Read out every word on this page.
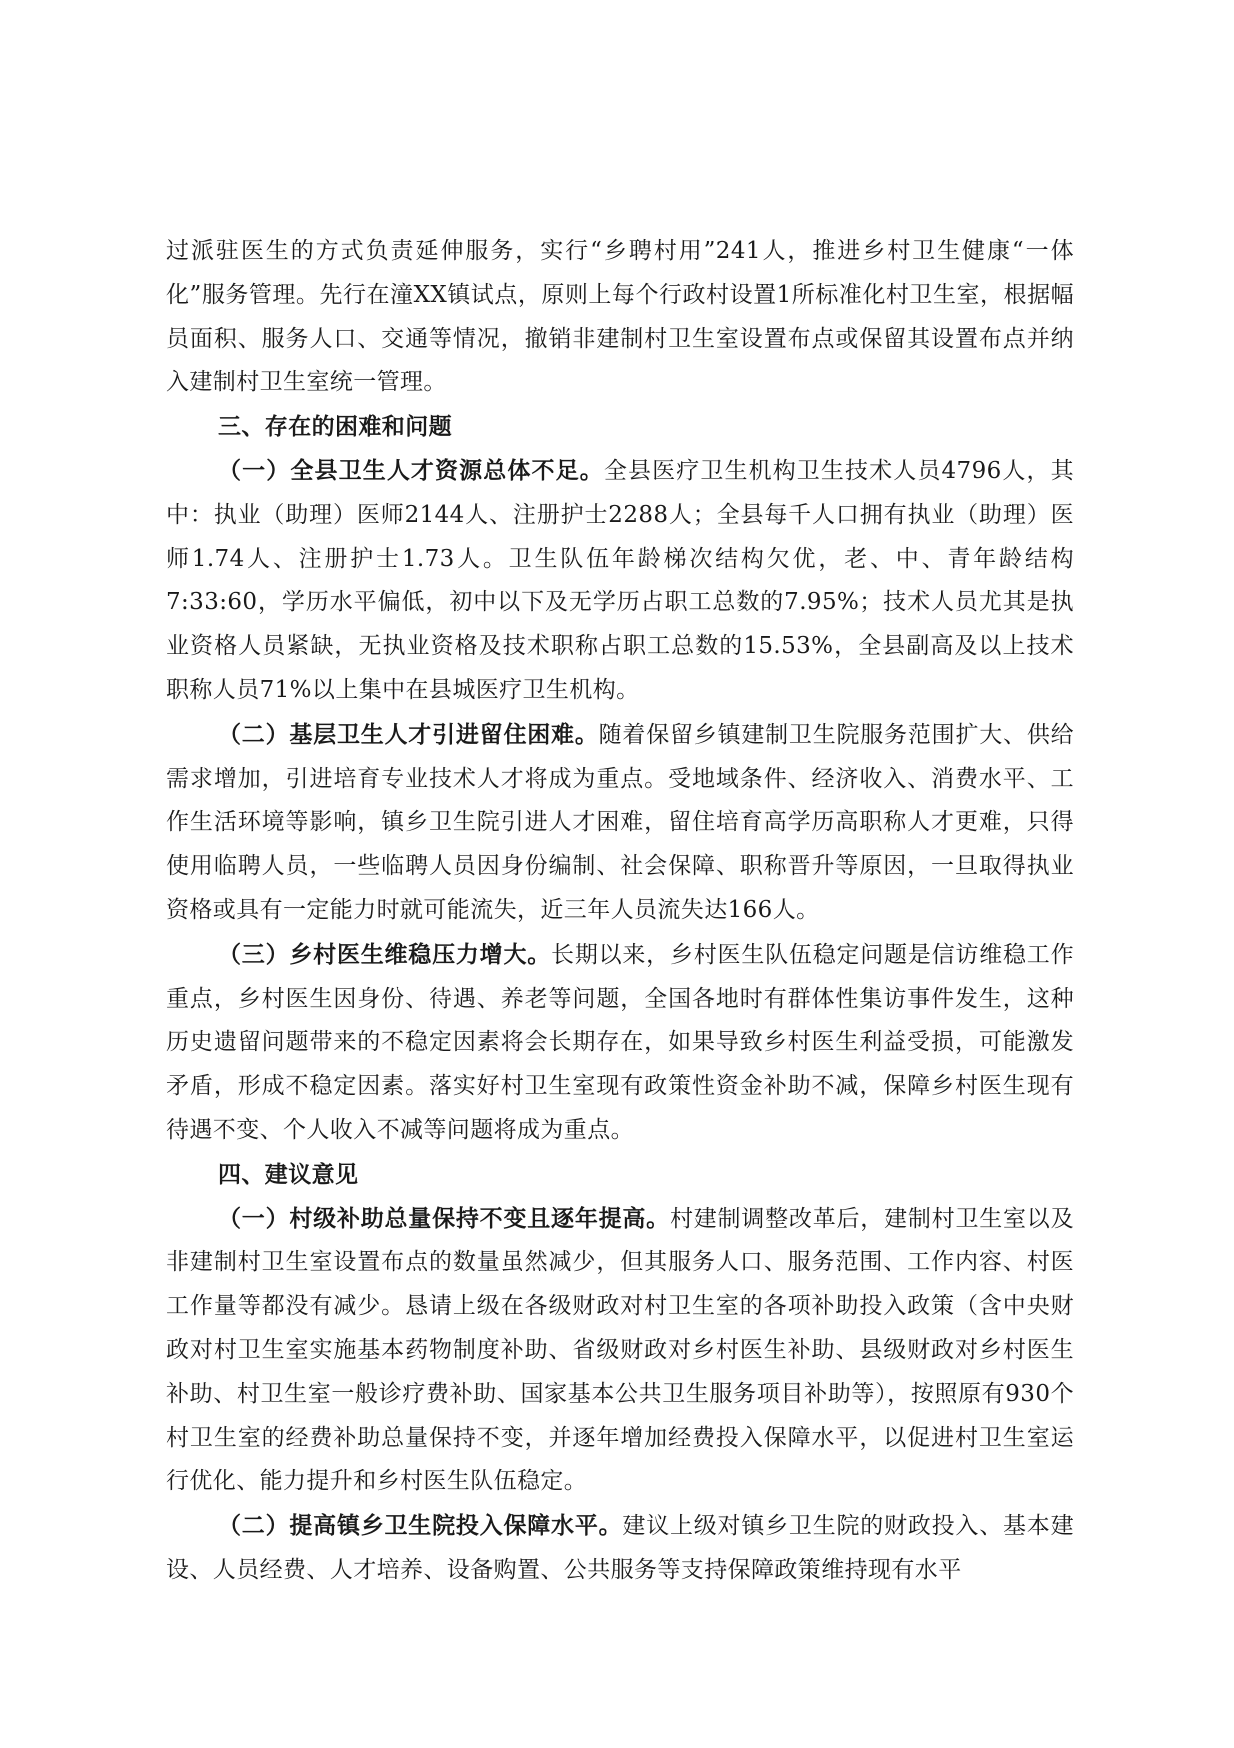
过派驻医生的方式负责延伸服务，实行“乡聘村用”241人，推进乡村卫生健康“一体化”服务管理。先行在潼XX镇试点，原则上每个行政村设置1所标准化村卫生室，根据幅员面积、服务人口、交通等情况，撤销非建制村卫生室设置布点或保留其设置布点并纳入建制村卫生室统一管理。

三、存在的困难和问题

（一）全县卫生人才资源总体不足。全县医疗卫生机构卫生技术人员4796人，其中：执业（助理）医师2144人、注册护士2288人；全县每千人口拥有执业（助理）医师1.74人、注册护士1.73人。卫生队伍年龄梯次结构欠优，老、中、青年龄结构7:33:60，学历水平偏低，初中以下及无学历占职工总数的7.95%；技术人员尤其是执业资格人员紧缺，无执业资格及技术职称占职工总数的15.53%，全县副高及以上技术职称人员71%以上集中在县城医疗卫生机构。

（二）基层卫生人才引进留住困难。随着保留乡镇建制卫生院服务范围扩大、供给需求增加，引进培育专业技术人才将成为重点。受地域条件、经济收入、消费水平、工作生活环境等影响，镇乡卫生院引进人才困难，留住培育高学历高职称人才更难，只得使用临聘人员，一些临聘人员因身份编制、社会保障、职称晋升等原因，一旦取得执业资格或具有一定能力时就可能流失，近三年人员流失达166人。

（三）乡村医生维稳压力增大。长期以来，乡村医生队伍稳定问题是信访维稳工作重点，乡村医生因身份、待遇、养老等问题，全国各地时有群体性集访事件发生，这种历史遗留问题带来的不稳定因素将会长期存在，如果导致乡村医生利益受损，可能激发矛盾，形成不稳定因素。落实好村卫生室现有政策性资金补助不减，保障乡村医生现有待遇不变、个人收入不减等问题将成为重点。

四、建议意见

（一）村级补助总量保持不变且逐年提高。村建制调整改革后，建制村卫生室以及非建制村卫生室设置布点的数量虽然减少，但其服务人口、服务范围、工作内容、村医工作量等都没有减少。恳请上级在各级财政对村卫生室的各项补助投入政策（含中央财政对村卫生室实施基本药物制度补助、省级财政对乡村医生补助、县级财政对乡村医生补助、村卫生室一般诊疗费补助、国家基本公共卫生服务项目补助等），按照原有930个村卫生室的经费补助总量保持不变，并逐年增加经费投入保障水平，以促进村卫生室运行优化、能力提升和乡村医生队伍稳定。

（二）提高镇乡卫生院投入保障水平。建议上级对镇乡卫生院的财政投入、基本建设、人员经费、人才培养、设备购置、公共服务等支持保障政策维持现有水平
